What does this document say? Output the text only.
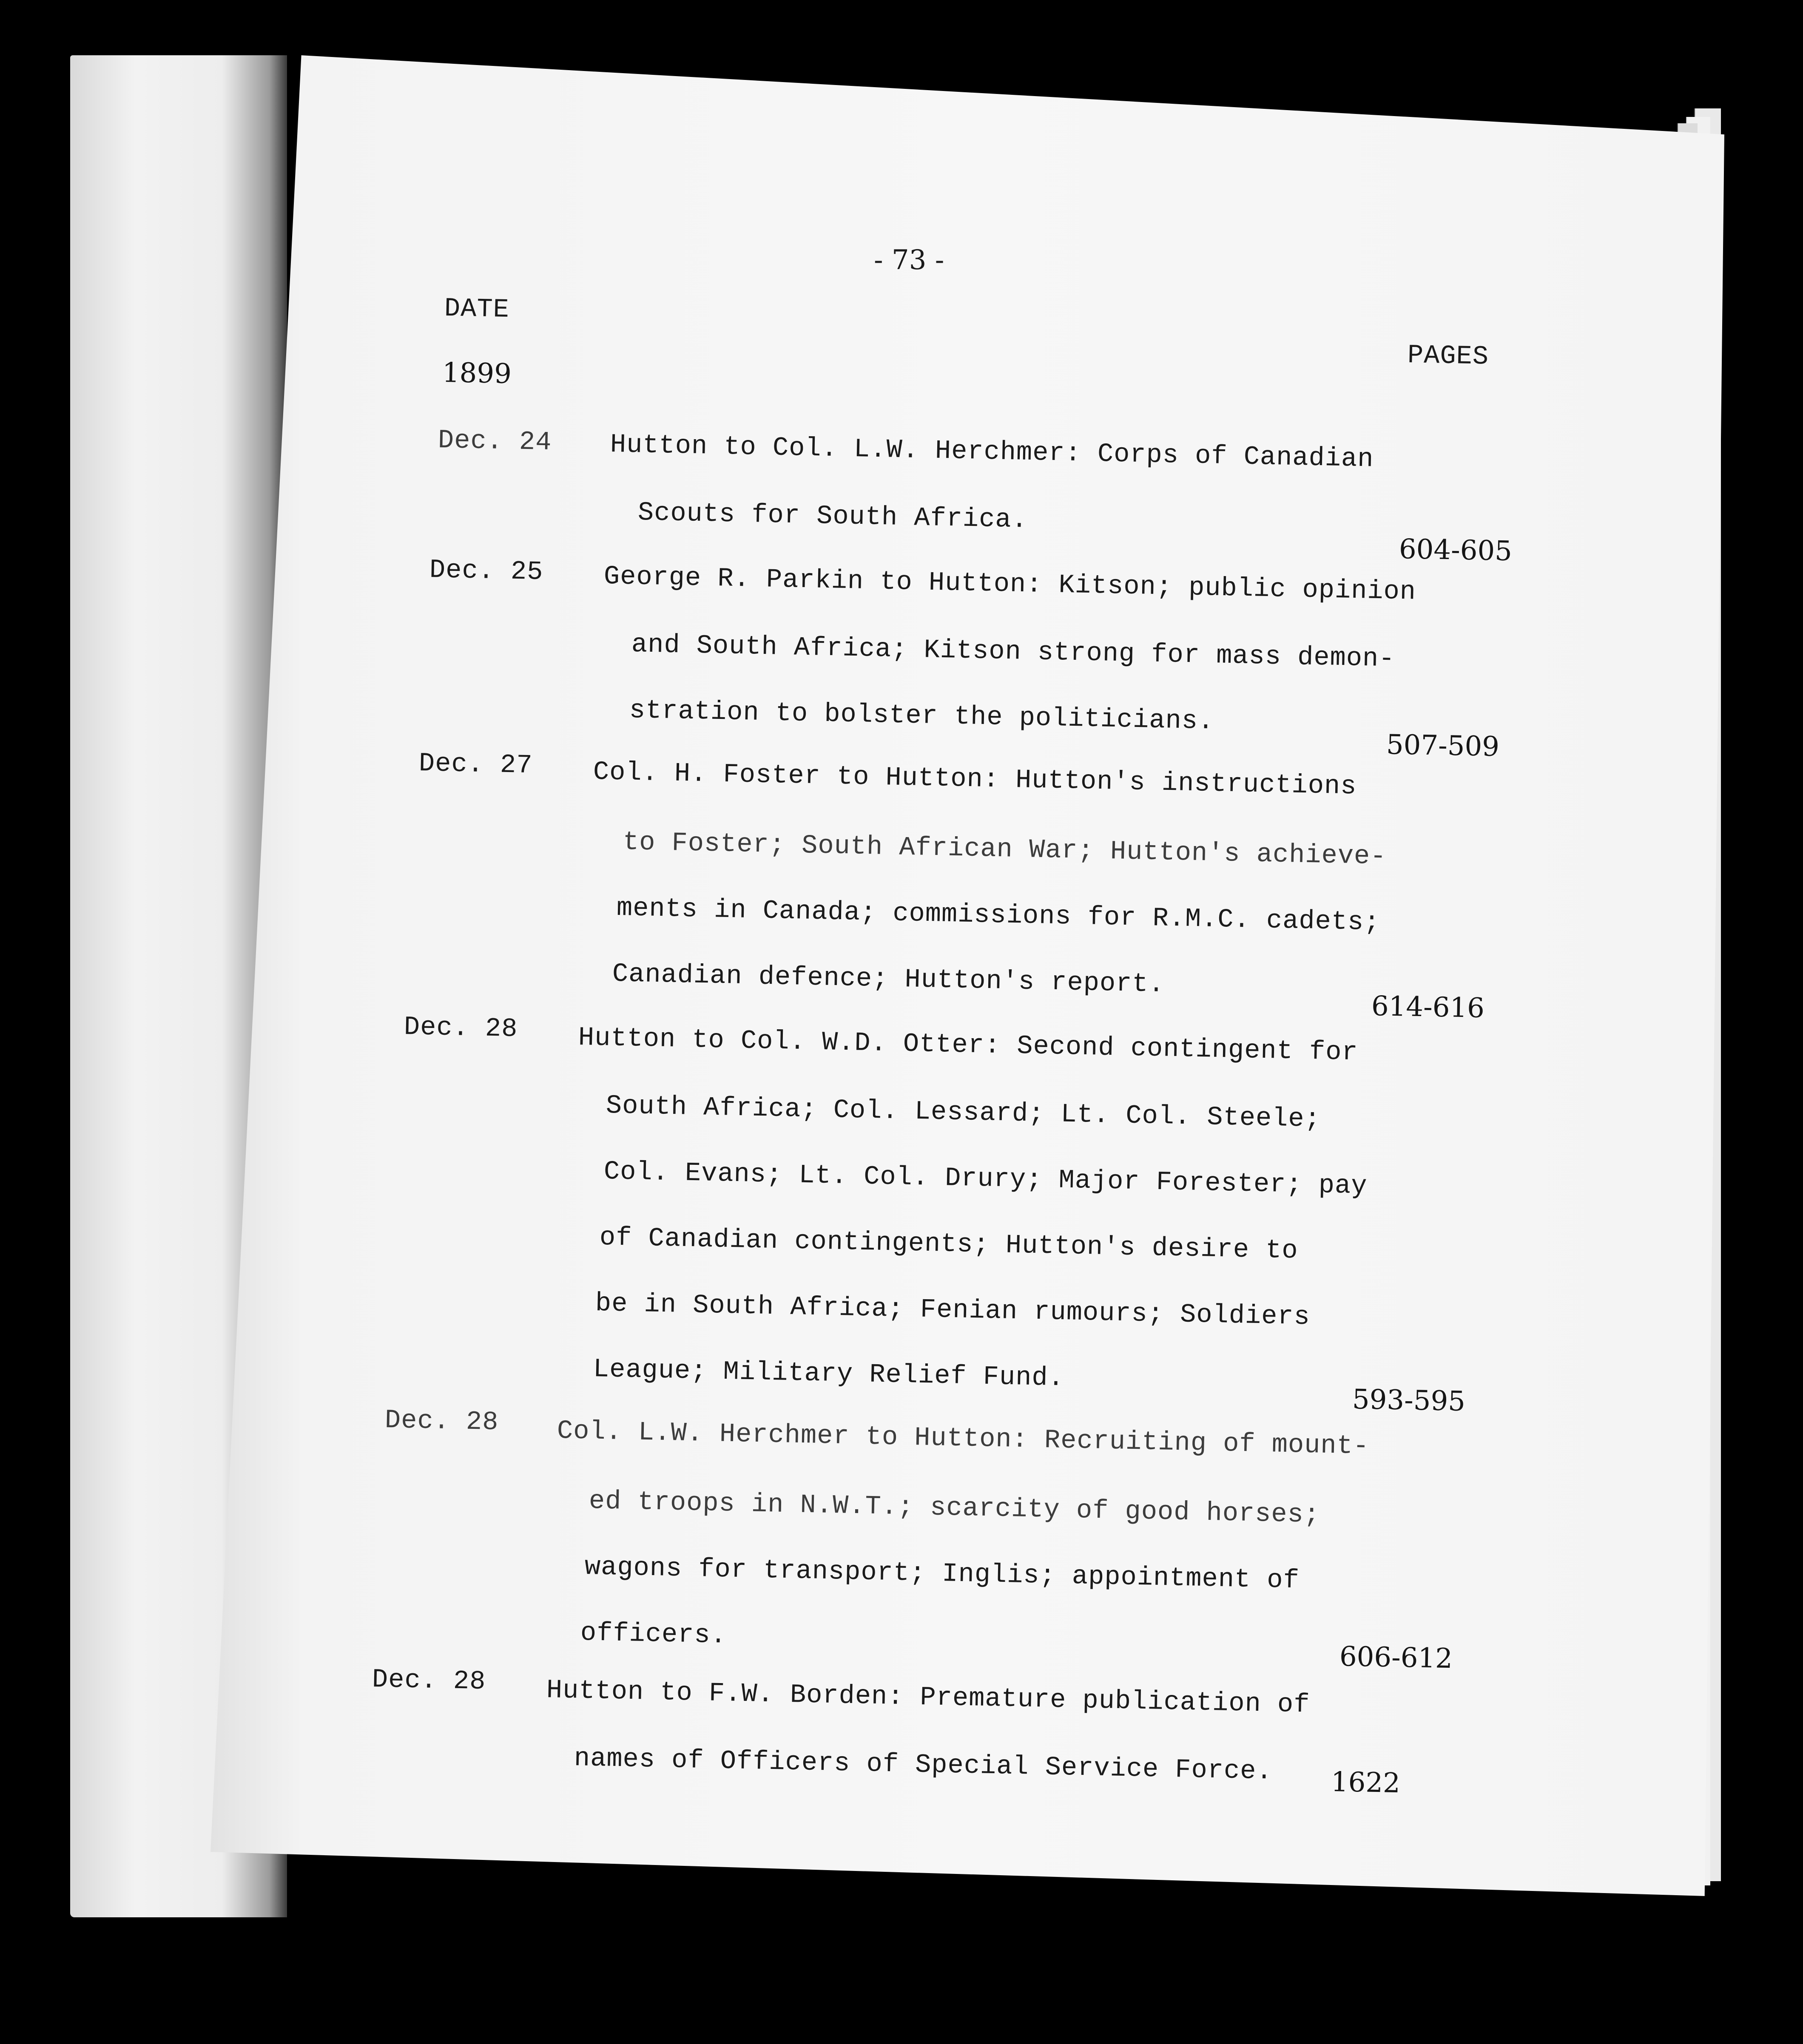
- 73 -
DATE
1899
PAGES
Dec. 24 Hutton to Col. L.W. Herchmer: Corps of Canadian
Scouts for South Africa.
604-605
Dec. 25 George R. Parkin to Hutton: Kitson; public opinion
and South Africa; Kitson strong for mass demon-
stration to bolster the politicians.
507-509
Dec. 27 Col. H. Foster to Hutton: Hutton's instructions
to Foster; South African War; Hutton's achieve-
ments in Canada; commissions for R.M.C. cadets;
Canadian defence; Hutton's report.
614-616
Dec. 28 Hutton to Col. W.D. Otter: Second contingent for
South Africa; Col. Lessard; Lt. Col. Steele;
Col. Evans; Lt. Col. Drury; Major Forester; pay
of Canadian contingents; Hutton's desire to
be in South Africa; Fenian rumours; Soldiers
League; Military Relief Fund.
593-595
Dec. 28 Col. L.W. Herchmer to Hutton: Recruiting of mount-
ed troops in N.W.T.; scarcity of good horses;
wagons for transport; Inglis; appointment of
officers.
606-612
Dec. 28 Hutton to F.W. Borden: Premature publication of
names of Officers of Special Service Force. 1622
